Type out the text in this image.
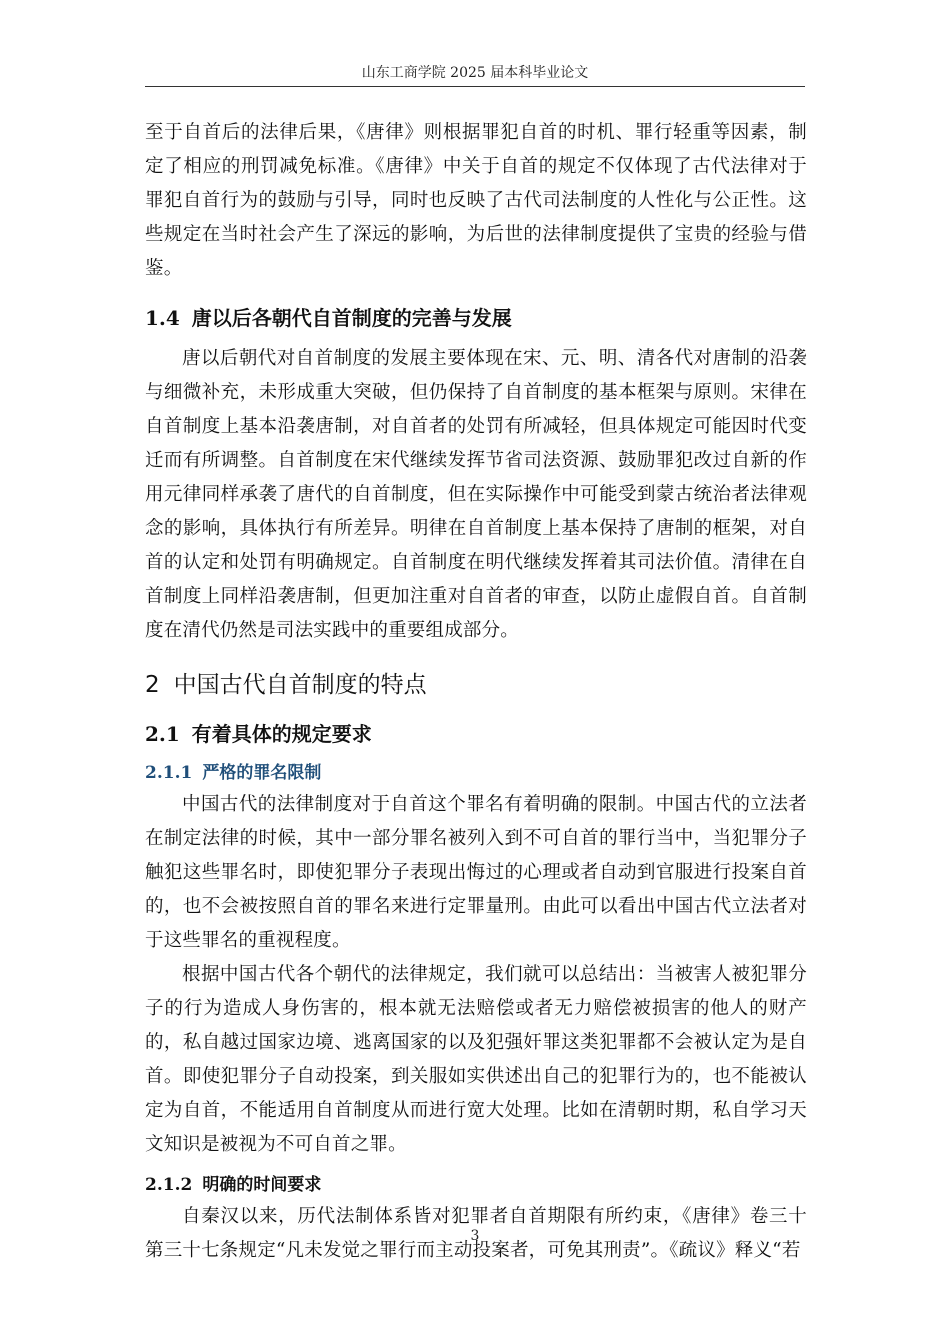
山东工商学院 2025 届本科毕业论文

至于自首后的法律后果，《唐律》则根据罪犯自首的时机、罪行轻重等因素，制定了相应的刑罚减免标准。《唐律》中关于自首的规定不仅体现了古代法律对于罪犯自首行为的鼓励与引导，同时也反映了古代司法制度的人性化与公正性。这些规定在当时社会产生了深远的影响，为后世的法律制度提供了宝贵的经验与借鉴。

1.4 唐以后各朝代自首制度的完善与发展

唐以后朝代对自首制度的发展主要体现在宋、元、明、清各代对唐制的沿袭与细微补充，未形成重大突破，但仍保持了自首制度的基本框架与原则。宋律在自首制度上基本沿袭唐制，对自首者的处罚有所减轻，但具体规定可能因时代变迁而有所调整。自首制度在宋代继续发挥节省司法资源、鼓励罪犯改过自新的作用元律同样承袭了唐代的自首制度，但在实际操作中可能受到蒙古统治者法律观念的影响，具体执行有所差异。明律在自首制度上基本保持了唐制的框架，对自首的认定和处罚有明确规定。自首制度在明代继续发挥着其司法价值。清律在自首制度上同样沿袭唐制，但更加注重对自首者的审查，以防止虚假自首。自首制度在清代仍然是司法实践中的重要组成部分。

2 中国古代自首制度的特点
2.1 有着具体的规定要求
2.1.1 严格的罪名限制

中国古代的法律制度对于自首这个罪名有着明确的限制。中国古代的立法者在制定法律的时候，其中一部分罪名被列入到不可自首的罪行当中，当犯罪分子触犯这些罪名时，即使犯罪分子表现出悔过的心理或者自动到官服进行投案自首的，也不会被按照自首的罪名来进行定罪量刑。由此可以看出中国古代立法者对于这些罪名的重视程度。

根据中国古代各个朝代的法律规定，我们就可以总结出：当被害人被犯罪分子的行为造成人身伤害的，根本就无法赔偿或者无力赔偿被损害的他人的财产的，私自越过国家边境、逃离国家的以及犯强奸罪这类犯罪都不会被认定为是自首。即使犯罪分子自动投案，到关服如实供述出自己的犯罪行为的，也不能被认定为自首，不能适用自首制度从而进行宽大处理。比如在清朝时期，私自学习天文知识是被视为不可自首之罪。

2.1.2 明确的时间要求

自秦汉以来，历代法制体系皆对犯罪者自首期限有所约束，《唐律》卷三十第三十七条规定“凡未发觉之罪行而主动投案者，可免其刑责”。《疏议》释义“若

3
